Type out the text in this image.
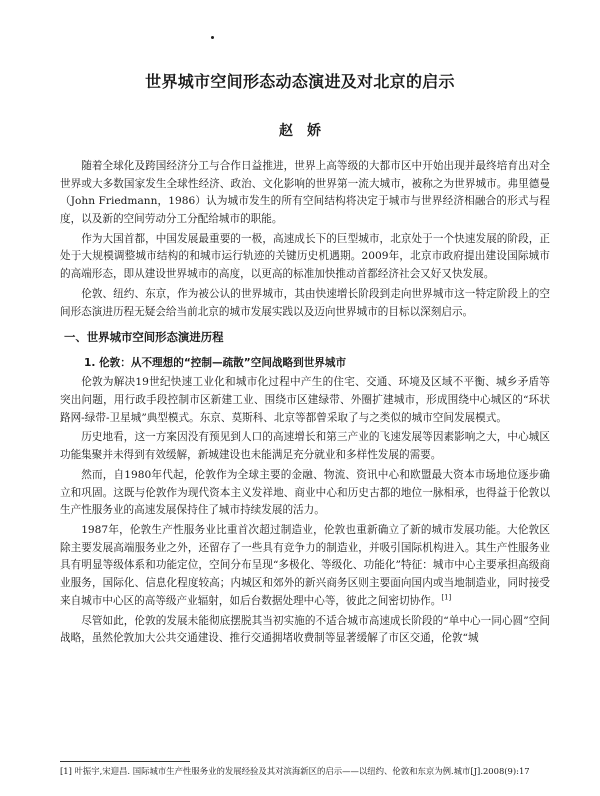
世界城市空间形态动态演进及对北京的启示
赵娇

随着全球化及跨国经济分工与合作日益推进，世界上高等级的大都市区中开始出现并最终培育出对全世界或大多数国家发生全球性经济、政治、文化影响的世界第一流大城市，被称之为世界城市。弗里德曼（John Friedmann，1986）认为城市发生的所有空间结构将决定于城市与世界经济相融合的形式与程度，以及新的空间劳动分工分配给城市的职能。

作为大国首都，中国发展最重要的一极，高速成长下的巨型城市，北京处于一个快速发展的阶段，正处于大规模调整城市结构的和城市运行轨迹的关键历史机遇期。2009年，北京市政府提出建设国际城市的高端形态，即从建设世界城市的高度，以更高的标准加快推动首都经济社会又好又快发展。

伦敦、纽约、东京，作为被公认的世界城市，其由快速增长阶段到走向世界城市这一特定阶段上的空间形态演进历程无疑会给当前北京的城市发展实践以及迈向世界城市的目标以深刻启示。

一、世界城市空间形态演进历程
1. 伦敦：从不理想的“控制—疏散”空间战略到世界城市

伦敦为解决19世纪快速工业化和城市化过程中产生的住宅、交通、环境及区域不平衡、城乡矛盾等突出问题，用行政手段控制市区新建工业、围绕市区建绿带、外圈扩建城市，形成围绕中心城区的“环状路网-绿带-卫星城”典型模式。东京、莫斯科、北京等都曾采取了与之类似的城市空间发展模式。

历史地看，这一方案因没有预见到人口的高速增长和第三产业的飞速发展等因素影响之大，中心城区功能集聚并未得到有效缓解，新城建设也未能满足充分就业和多样性发展的需要。

然而，自1980年代起，伦敦作为全球主要的金融、物流、资讯中心和欧盟最大资本市场地位逐步确立和巩固。这既与伦敦作为现代资本主义发祥地、商业中心和历史古都的地位一脉相承，也得益于伦敦以生产性服务业的高速发展保持住了城市持续发展的活力。

1987年，伦敦生产性服务业比重首次超过制造业，伦敦也重新确立了新的城市发展功能。大伦敦区除主要发展高端服务业之外，还留存了一些具有竞争力的制造业，并吸引国际机构进入。其生产性服务业具有明显等级体系和功能定位，空间分布呈现“多极化、等级化、功能化”特征：城市中心主要承担高级商业服务，国际化、信息化程度较高；内城区和郊外的新兴商务区则主要面向国内或当地制造业，同时接受来自城市中心区的高等级产业辐射，如后台数据处理中心等，彼此之间密切协作。[1]

尽管如此，伦敦的发展未能彻底摆脱其当初实施的不适合城市高速成长阶段的“单中心一同心圆”空间战略，虽然伦敦加大公共交通建设、推行交通拥堵收费制等显著缓解了市区交通，伦敦“城

[1] 叶振宇,宋迎昌. 国际城市生产性服务业的发展经验及其对滨海新区的启示——以纽约、伦敦和东京为例.城市[J].2008(9):17
